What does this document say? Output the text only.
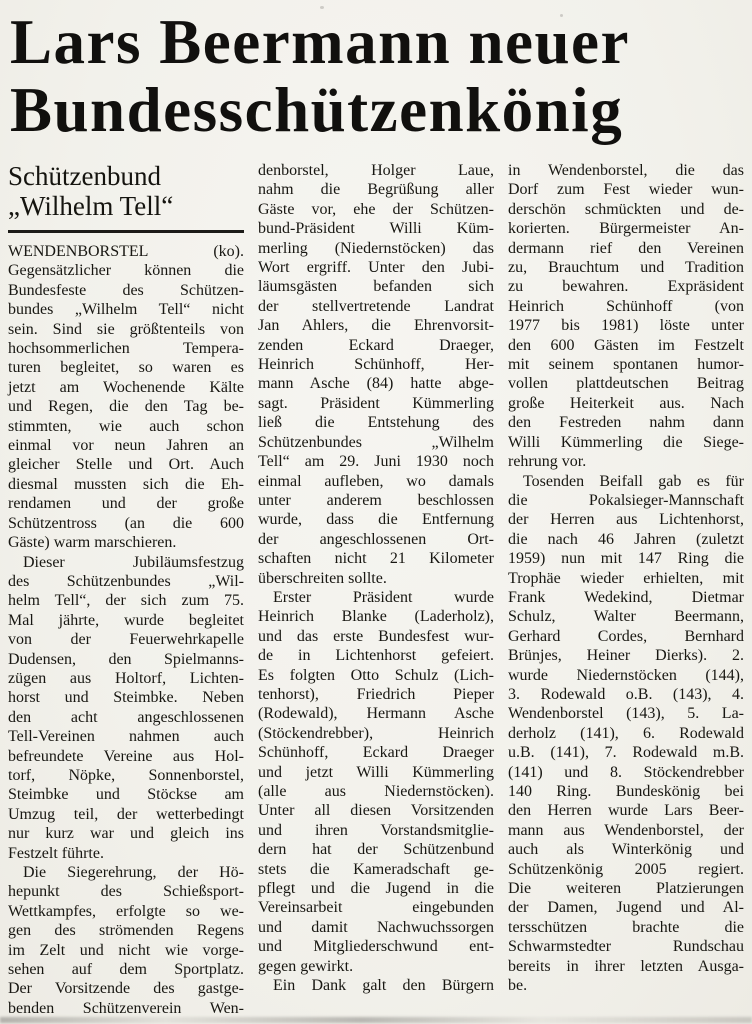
Lars Beermann neuer
Bundesschützenkönig
Schützenbund
„Wilhelm Tell“
WENDENBORSTEL (ko).
Gegensätzlicher können die
Bundesfeste des Schützen-
bundes „Wilhelm Tell“ nicht
sein. Sind sie größtenteils von
hochsommerlichen Tempera-
turen begleitet, so waren es
jetzt am Wochenende Kälte
und Regen, die den Tag be-
stimmten, wie auch schon
einmal vor neun Jahren an
gleicher Stelle und Ort. Auch
diesmal mussten sich die Eh-
rendamen und der große
Schützentross (an die 600
Gäste) warm marschieren.
Dieser Jubiläumsfestzug
des Schützenbundes „Wil-
helm Tell“, der sich zum 75.
Mal jährte, wurde begleitet
von der Feuerwehrkapelle
Dudensen, den Spielmanns-
zügen aus Holtorf, Lichten-
horst und Steimbke. Neben
den acht angeschlossenen
Tell-Vereinen nahmen auch
befreundete Vereine aus Hol-
torf, Nöpke, Sonnenborstel,
Steimbke und Stöckse am
Umzug teil, der wetterbedingt
nur kurz war und gleich ins
Festzelt führte.
Die Siegerehrung, der Hö-
hepunkt des Schießsport-
Wettkampfes, erfolgte so we-
gen des strömenden Regens
im Zelt und nicht wie vorge-
sehen auf dem Sportplatz.
Der Vorsitzende des gastge-
benden Schützenverein Wen-
denborstel, Holger Laue,
nahm die Begrüßung aller
Gäste vor, ehe der Schützen-
bund-Präsident Willi Küm-
merling (Niedernstöcken) das
Wort ergriff. Unter den Jubi-
läumsgästen befanden sich
der stellvertretende Landrat
Jan Ahlers, die Ehrenvorsit-
zenden Eckard Draeger,
Heinrich Schünhoff, Her-
mann Asche (84) hatte abge-
sagt. Präsident Kümmerling
ließ die Entstehung des
Schützenbundes „Wilhelm
Tell“ am 29. Juni 1930 noch
einmal aufleben, wo damals
unter anderem beschlossen
wurde, dass die Entfernung
der angeschlossenen Ort-
schaften nicht 21 Kilometer
überschreiten sollte.
Erster Präsident wurde
Heinrich Blanke (Laderholz),
und das erste Bundesfest wur-
de in Lichtenhorst gefeiert.
Es folgten Otto Schulz (Lich-
tenhorst), Friedrich Pieper
(Rodewald), Hermann Asche
(Stöckendrebber), Heinrich
Schünhoff, Eckard Draeger
und jetzt Willi Kümmerling
(alle aus Niedernstöcken).
Unter all diesen Vorsitzenden
und ihren Vorstandsmitglie-
dern hat der Schützenbund
stets die Kameradschaft ge-
pflegt und die Jugend in die
Vereinsarbeit eingebunden
und damit Nachwuchssorgen
und Mitgliederschwund ent-
gegen gewirkt.
Ein Dank galt den Bürgern
in Wendenborstel, die das
Dorf zum Fest wieder wun-
derschön schmückten und de-
korierten. Bürgermeister An-
dermann rief den Vereinen
zu, Brauchtum und Tradition
zu bewahren. Expräsident
Heinrich Schünhoff (von
1977 bis 1981) löste unter
den 600 Gästen im Festzelt
mit seinem spontanen humor-
vollen plattdeutschen Beitrag
große Heiterkeit aus. Nach
den Festreden nahm dann
Willi Kümmerling die Siege-
rehrung vor.
Tosenden Beifall gab es für
die Pokalsieger-Mannschaft
der Herren aus Lichtenhorst,
die nach 46 Jahren (zuletzt
1959) nun mit 147 Ring die
Trophäe wieder erhielten, mit
Frank Wedekind, Dietmar
Schulz, Walter Beermann,
Gerhard Cordes, Bernhard
Brünjes, Heiner Dierks). 2.
wurde Niedernstöcken (144),
3. Rodewald o.B. (143), 4.
Wendenborstel (143), 5. La-
derholz (141), 6. Rodewald
u.B. (141), 7. Rodewald m.B.
(141) und 8. Stöckendrebber
140 Ring. Bundeskönig bei
den Herren wurde Lars Beer-
mann aus Wendenborstel, der
auch als Winterkönig und
Schützenkönig 2005 regiert.
Die weiteren Platzierungen
der Damen, Jugend und Al-
tersschützen brachte die
Schwarmstedter Rundschau
bereits in ihrer letzten Ausga-
be.
